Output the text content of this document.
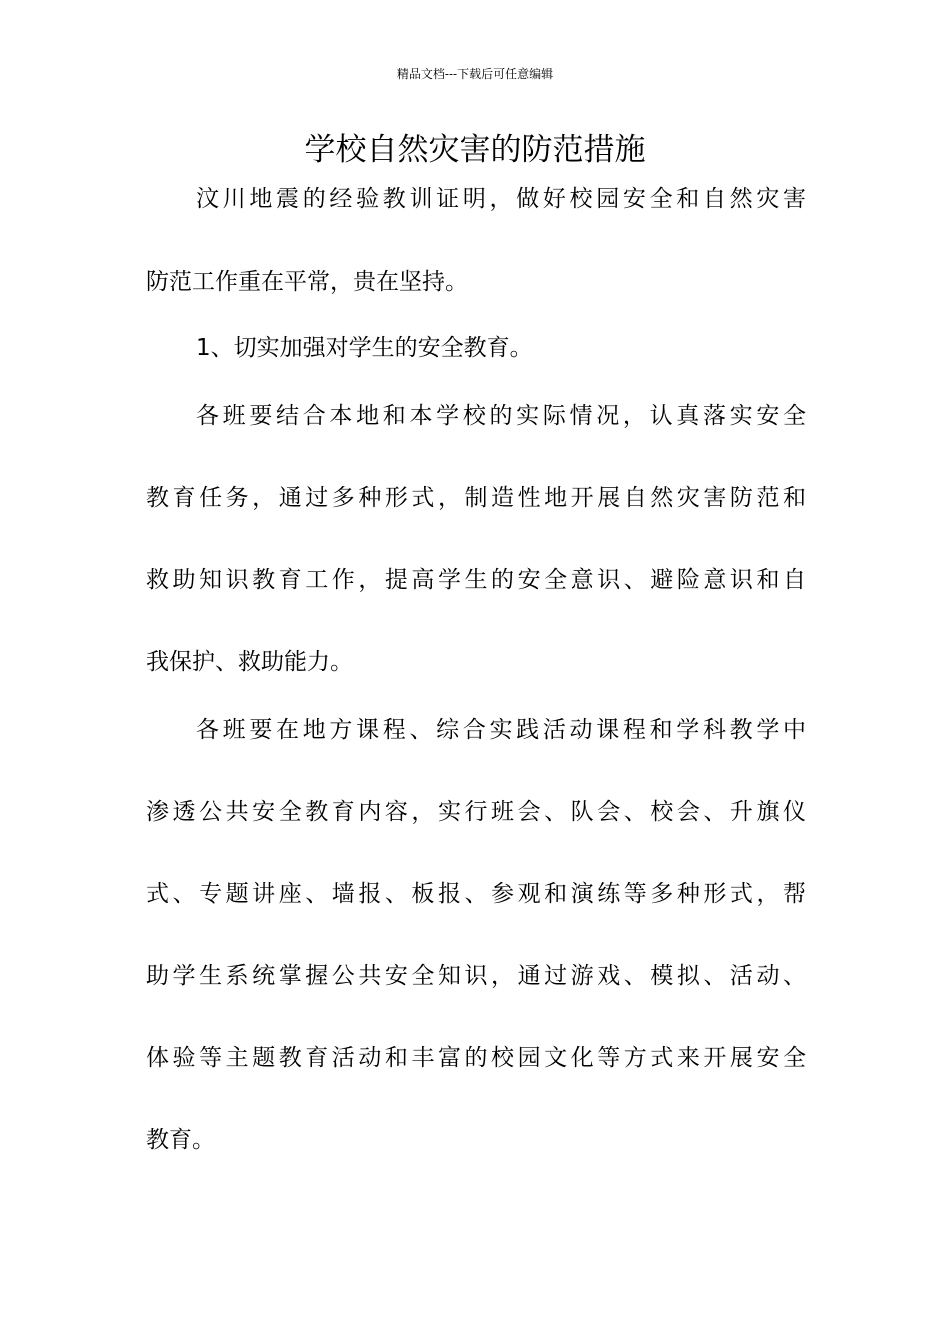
精品文档---下载后可任意编辑
学校自然灾害的防范措施
汶川地震的经验教训证明，做好校园安全和自然灾害
防范工作重在平常，贵在坚持。
1、切实加强对学生的安全教育。
各班要结合本地和本学校的实际情况，认真落实安全
教育任务，通过多种形式，制造性地开展自然灾害防范和
救助知识教育工作，提高学生的安全意识、避险意识和自
我保护、救助能力。
各班要在地方课程、综合实践活动课程和学科教学中
渗透公共安全教育内容，实行班会、队会、校会、升旗仪
式、专题讲座、墙报、板报、参观和演练等多种形式，帮
助学生系统掌握公共安全知识，通过游戏、模拟、活动、
体验等主题教育活动和丰富的校园文化等方式来开展安全
教育。
